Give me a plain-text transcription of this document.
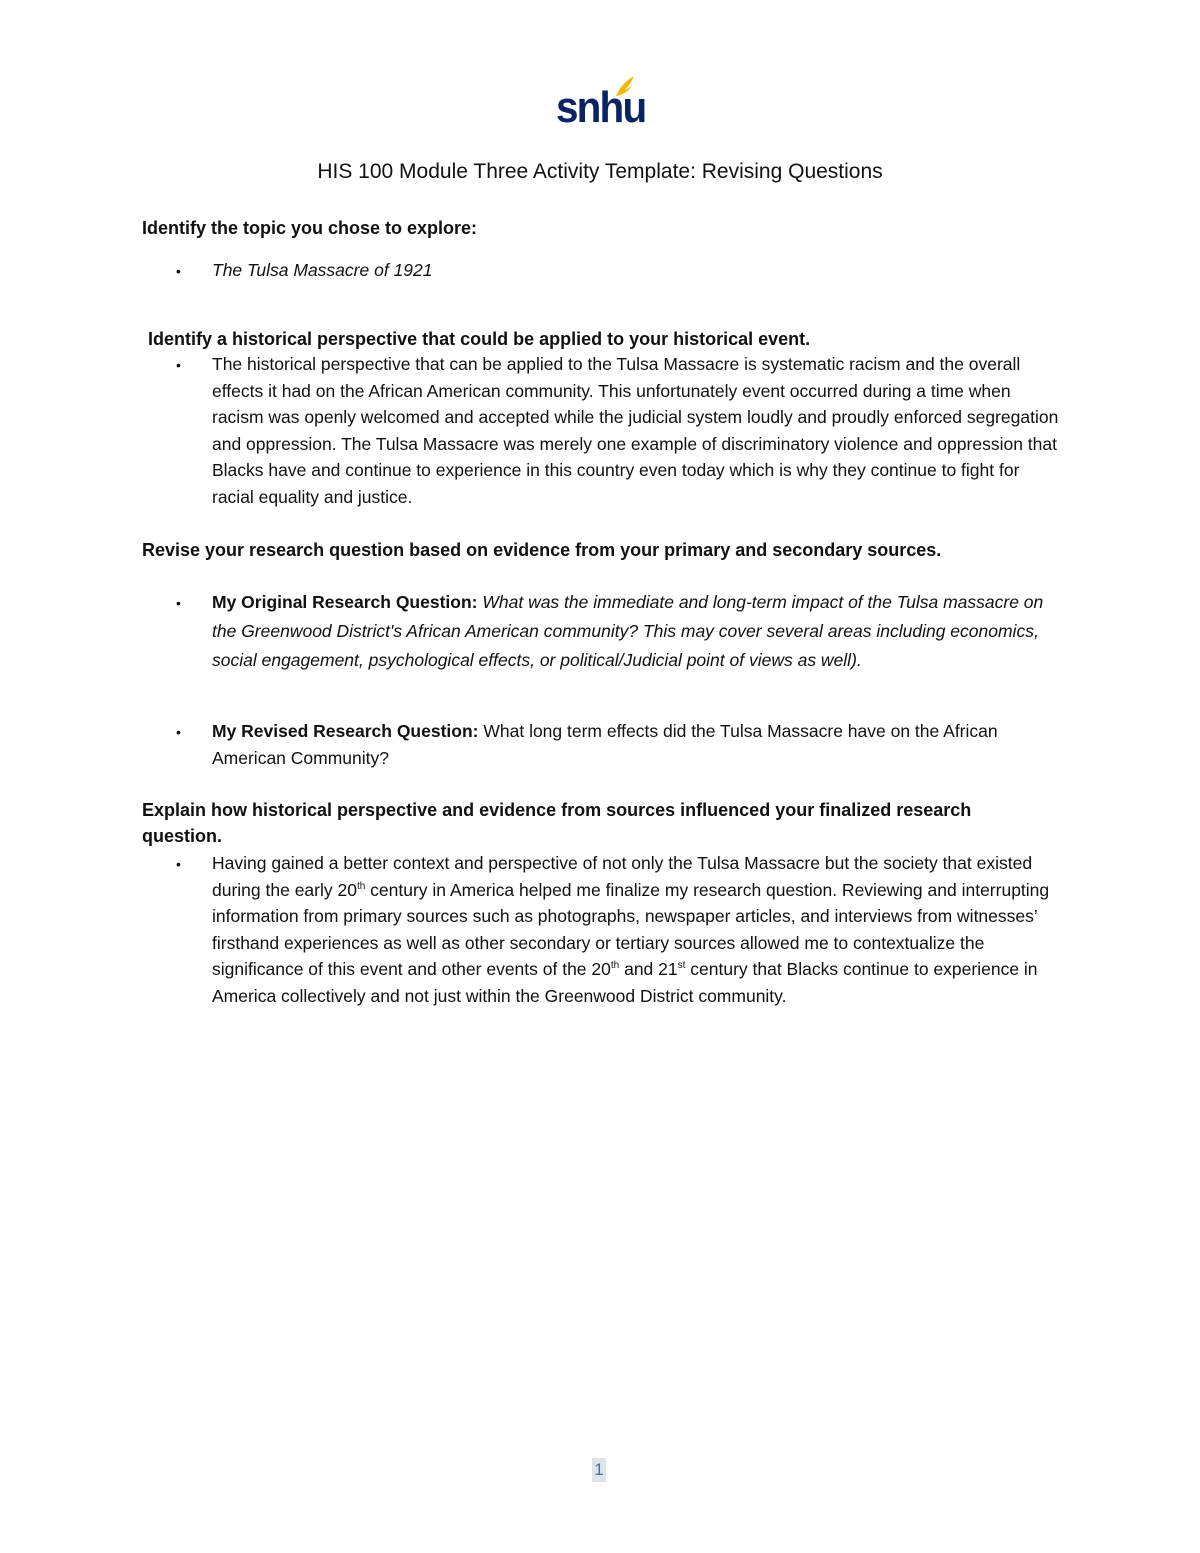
snhu
HIS 100 Module Three Activity Template: Revising Questions
Identify the topic you chose to explore:
• The Tulsa Massacre of 1921
Identify a historical perspective that could be applied to your historical event.
• The historical perspective that can be applied to the Tulsa Massacre is systematic racism and the overall effects it had on the African American community. This unfortunately event occurred during a time when racism was openly welcomed and accepted while the judicial system loudly and proudly enforced segregation and oppression. The Tulsa Massacre was merely one example of discriminatory violence and oppression that Blacks have and continue to experience in this country even today which is why they continue to fight for racial equality and justice.
Revise your research question based on evidence from your primary and secondary sources.
• My Original Research Question: What was the immediate and long-term impact of the Tulsa massacre on the Greenwood District's African American community? This may cover several areas including economics, social engagement, psychological effects, or political/Judicial point of views as well).
• My Revised Research Question: What long term effects did the Tulsa Massacre have on the African American Community?
Explain how historical perspective and evidence from sources influenced your finalized research question.
• Having gained a better context and perspective of not only the Tulsa Massacre but the society that existed during the early 20th century in America helped me finalize my research question. Reviewing and interrupting information from primary sources such as photographs, newspaper articles, and interviews from witnesses’ firsthand experiences as well as other secondary or tertiary sources allowed me to contextualize the significance of this event and other events of the 20th and 21st century that Blacks continue to experience in America collectively and not just within the Greenwood District community.
1
